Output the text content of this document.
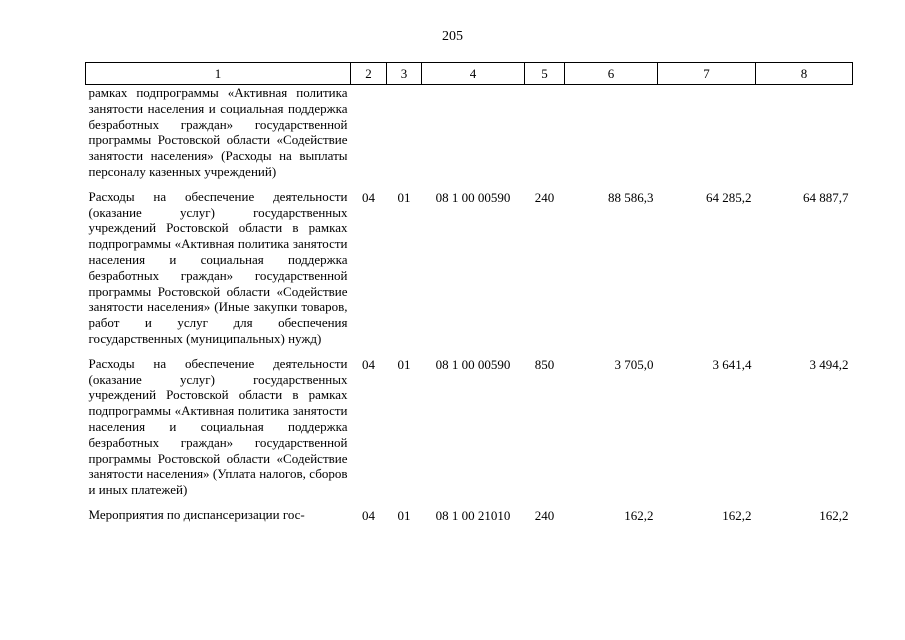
205
1	2	3	4	5	6	7	8
рамках подпрограммы «Активная политика занятости населения и социальная поддержка безработных граждан» государственной программы Ростовской области «Содействие занятости населения» (Расходы на выплаты персоналу казенных учреждений)							
Расходы на обеспечение деятельности (оказание услуг) государственных учреждений Ростовской области в рамках подпрограммы «Активная политика занятости населения и социальная поддержка безработных граждан» государственной программы Ростовской области «Содействие занятости населения» (Иные закупки товаров, работ и услуг для обеспечения государственных (муниципальных) нужд)	04	01	08 1 00 00590	240	88 586,3	64 285,2	64 887,7
Расходы на обеспечение деятельности (оказание услуг) государственных учреждений Ростовской области в рамках подпрограммы «Активная политика занятости населения и социальная поддержка безработных граждан» государственной программы Ростовской области «Содействие занятости населения» (Уплата налогов, сборов и иных платежей)	04	01	08 1 00 00590	850	3 705,0	3 641,4	3 494,2
Мероприятия по диспансеризации гос-	04	01	08 1 00 21010	240	162,2	162,2	162,2
